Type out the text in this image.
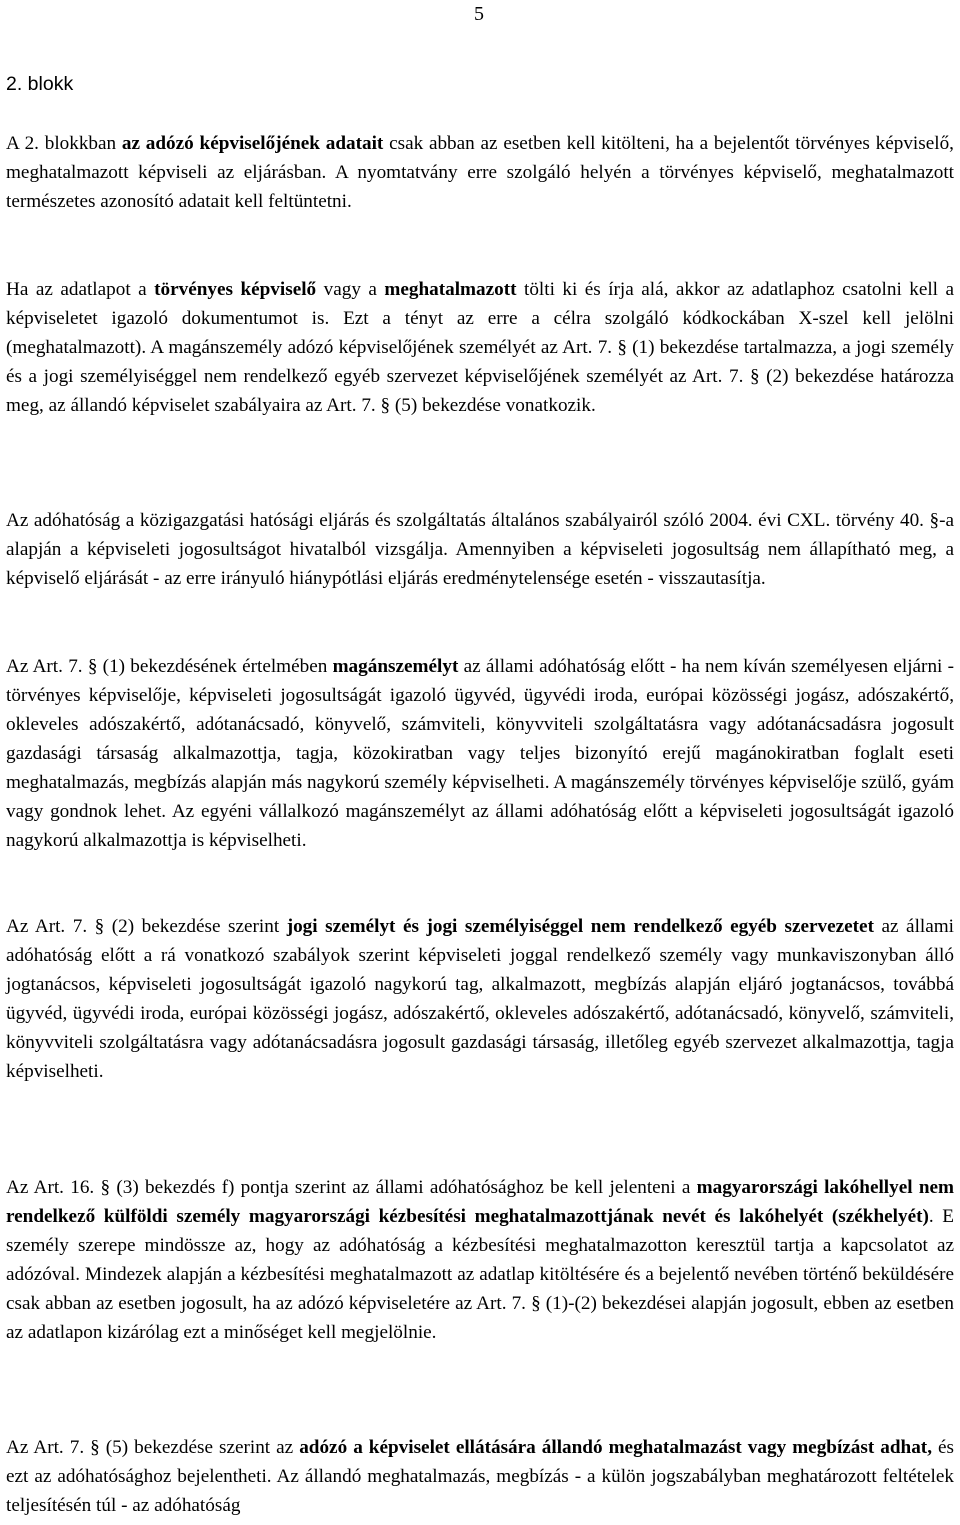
5
2. blokk

A 2. blokkban az adózó képviselőjének adatait csak abban az esetben kell kitölteni, ha a bejelentőt törvényes képviselő, meghatalmazott képviseli az eljárásban. A nyomtatvány erre szolgáló helyén a törvényes képviselő, meghatalmazott természetes azonosító adatait kell feltüntetni.

Ha az adatlapot a törvényes képviselő vagy a meghatalmazott tölti ki és írja alá, akkor az adatlaphoz csatolni kell a képviseletet igazoló dokumentumot is. Ezt a tényt az erre a célra szolgáló kódkockában X-szel kell jelölni (meghatalmazott). A magánszemély adózó képviselőjének személyét az Art. 7. § (1) bekezdése tartalmazza, a jogi személy és a jogi személyiséggel nem rendelkező egyéb szervezet képviselőjének személyét az Art. 7. § (2) bekezdése határozza meg, az állandó képviselet szabályaira az Art. 7. § (5) bekezdése vonatkozik.

Az adóhatóság a közigazgatási hatósági eljárás és szolgáltatás általános szabályairól szóló 2004. évi CXL. törvény 40. §-a alapján a képviseleti jogosultságot hivatalból vizsgálja. Amennyiben a képviseleti jogosultság nem állapítható meg, a képviselő eljárását - az erre irányuló hiánypótlási eljárás eredménytelensége esetén - visszautasítja.

Az Art. 7. § (1) bekezdésének értelmében magánszemélyt az állami adóhatóság előtt - ha nem kíván személyesen eljárni - törvényes képviselője, képviseleti jogosultságát igazoló ügyvéd, ügyvédi iroda, európai közösségi jogász, adószakértő, okleveles adószakértő, adótanácsadó, könyvelő, számviteli, könyvviteli szolgáltatásra vagy adótanácsadásra jogosult gazdasági társaság alkalmazottja, tagja, közokiratban vagy teljes bizonyító erejű magánokiratban foglalt eseti meghatalmazás, megbízás alapján más nagykorú személy képviselheti. A magánszemély törvényes képviselője szülő, gyám vagy gondnok lehet. Az egyéni vállalkozó magánszemélyt az állami adóhatóság előtt a képviseleti jogosultságát igazoló nagykorú alkalmazottja is képviselheti.

Az Art. 7. § (2) bekezdése szerint jogi személyt és jogi személyiséggel nem rendelkező egyéb szervezetet az állami adóhatóság előtt a rá vonatkozó szabályok szerint képviseleti joggal rendelkező személy vagy munkaviszonyban álló jogtanácsos, képviseleti jogosultságát igazoló nagykorú tag, alkalmazott, megbízás alapján eljáró jogtanácsos, továbbá ügyvéd, ügyvédi iroda, európai közösségi jogász, adószakértő, okleveles adószakértő, adótanácsadó, könyvelő, számviteli, könyvviteli szolgáltatásra vagy adótanácsadásra jogosult gazdasági társaság, illetőleg egyéb szervezet alkalmazottja, tagja képviselheti.

Az Art. 16. § (3) bekezdés f) pontja szerint az állami adóhatósághoz be kell jelenteni a magyarországi lakóhellyel nem rendelkező külföldi személy magyarországi kézbesítési meghatalmazottjának nevét és lakóhelyét (székhelyét). E személy szerepe mindössze az, hogy az adóhatóság a kézbesítési meghatalmazotton keresztül tartja a kapcsolatot az adózóval. Mindezek alapján a kézbesítési meghatalmazott az adatlap kitöltésére és a bejelentő nevében történő beküldésére csak abban az esetben jogosult, ha az adózó képviseletére az Art. 7. § (1)-(2) bekezdései alapján jogosult, ebben az esetben az adatlapon kizárólag ezt a minőséget kell megjelölnie.

Az Art. 7. § (5) bekezdése szerint az adózó a képviselet ellátására állandó meghatalmazást vagy megbízást adhat, és ezt az adóhatósághoz bejelentheti. Az állandó meghatalmazás, megbízás - a külön jogszabályban meghatározott feltételek teljesítésén túl - az adóhatóság
